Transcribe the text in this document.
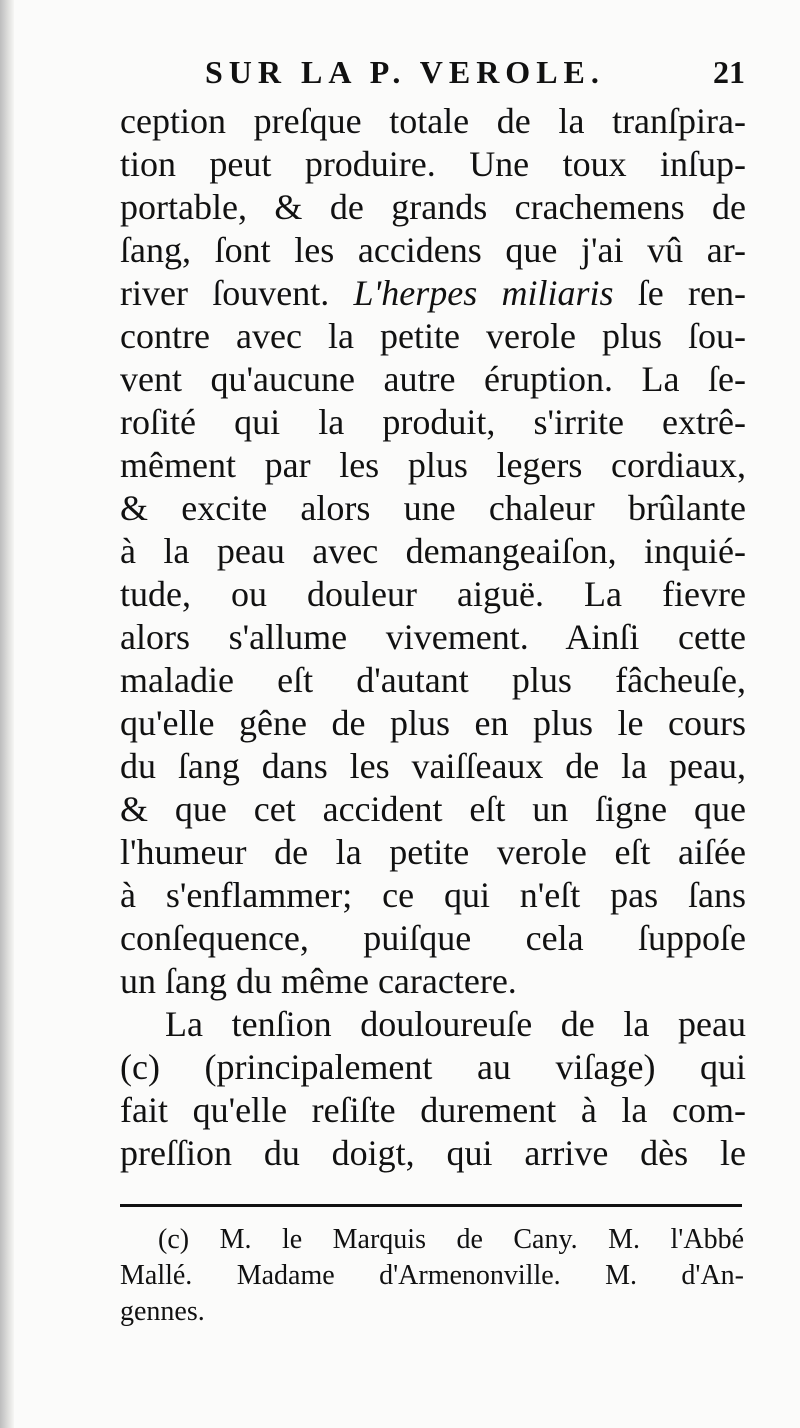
SUR LA P. VEROLE.	21
ception preſque totale de la tranſpira-
tion peut produire. Une toux inſup-
portable, & de grands crachemens de
ſang, ſont les accidens que j'ai vû ar-
river ſouvent. L'herpes miliaris ſe ren-
contre avec la petite verole plus ſou-
vent qu'aucune autre éruption. La ſe-
roſité qui la produit, s'irrite extrê-
mêment par les plus legers cordiaux,
& excite alors une chaleur brûlante
à la peau avec demangeaiſon, inquié-
tude, ou douleur aiguë. La fievre
alors s'allume vivement. Ainſi cette
maladie eſt d'autant plus fâcheuſe,
qu'elle gêne de plus en plus le cours
du ſang dans les vaiſſeaux de la peau,
& que cet accident eſt un ſigne que
l'humeur de la petite verole eſt aiſée
à s'enflammer; ce qui n'eſt pas ſans
conſequence, puiſque cela ſuppoſe
un ſang du même caractere.
La tenſion douloureuſe de la peau
(c) (principalement au viſage) qui
fait qu'elle reſiſte durement à la com-
preſſion du doigt, qui arrive dès le
(c) M. le Marquis de Cany. M. l'Abbé
Mallé. Madame d'Armenonville. M. d'An-
gennes.
